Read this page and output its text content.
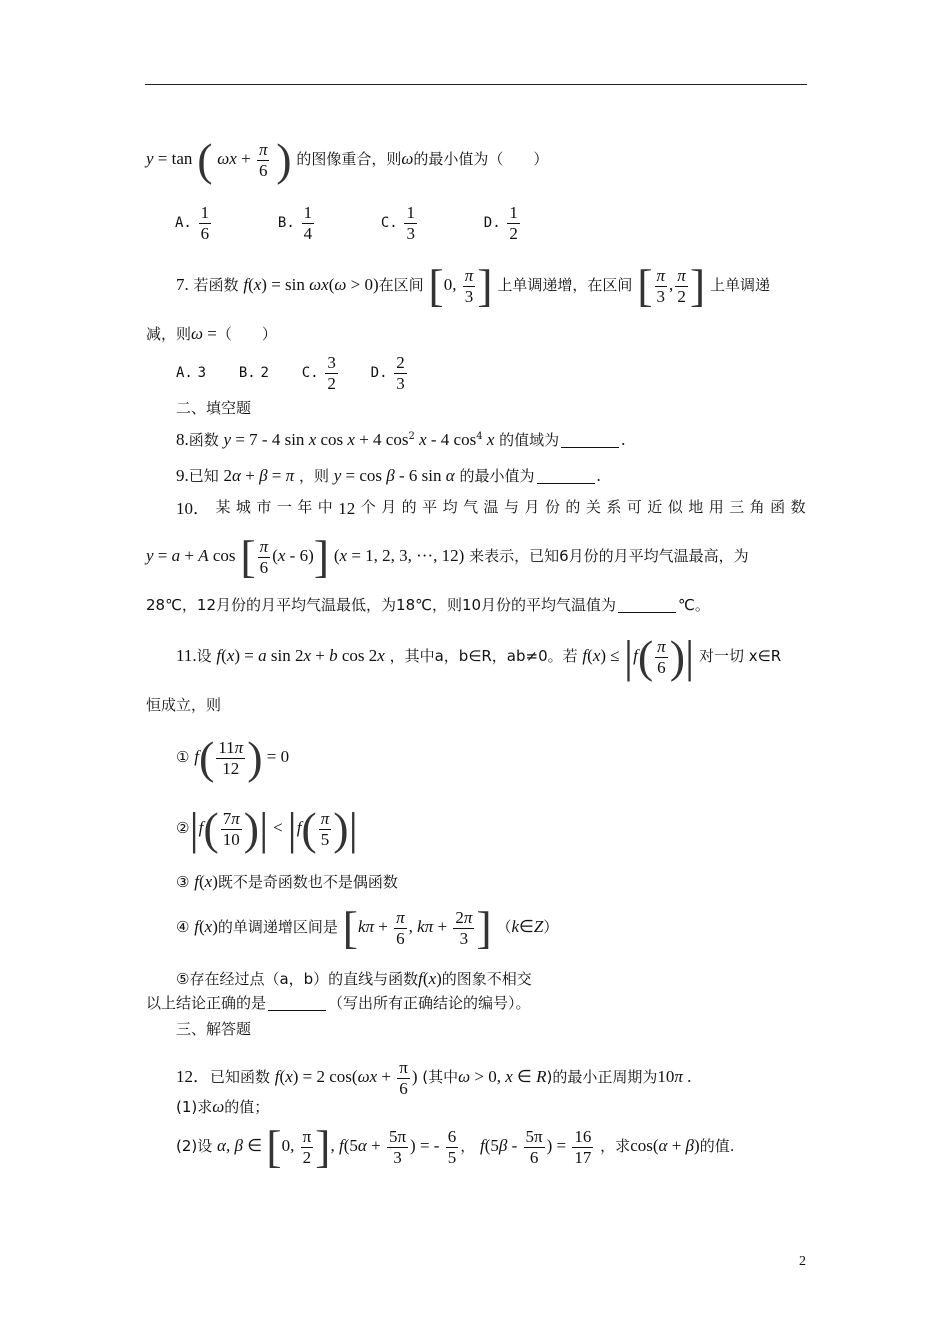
y = tan ( $\omega x + \frac{\pi}{6}$ ) 的图像重合，则ω的最小值为（　　）
A. $\frac{1}{6}$	B. $\frac{1}{4}$	C. $\frac{1}{3}$	D. $\frac{1}{2}$
7. 若函数 f(x) = sin ωx(ω > 0)在区间 [0, $\frac{\pi}{3}$ ] 上单调递增，在区间 [ $\frac{\pi}{3}$ , $\frac{\pi}{2}$ ] 上单调递
减，则ω =（　　）
A. 3 B. 2 C. $\frac{3}{2} D$. $\frac{2}{3}$
二、填空题
8.函数 y = 7 - 4 sin x cos x + 4 $\cos^2 x - 4$ $\cos^4 x$ 的值域为	.
9.已知 2α + β = π ，则 y = cos β - 6 sin α 的最小值为	.
10． 某 城 市 一 年 中 12 个 月 的 平 均 气 温 与 月 份 的 关 系 可 近 似 地 用 三 角 函 数
y = a + A cos [ $\frac{\pi}{6} (x - 6)$] (x = 1, 2, 3, ···, 12) 来表示，已知6月份的月平均气温最高，为
28℃，12月份的月平均气温最低，为18℃，则10月份的平均气温值为	℃。
11.设 f(x) = a sin 2x + b cos 2x ，其中a，b∈R，ab≠0。若 $f(x) \le |f( \frac{\pi}{6}$ )| 对一切 x∈R
恒成立，则
① $f( \frac{11\pi}{12}$ ) = 0
②|f( $\frac{7\pi}{10}$ )| < $|f( \frac{\pi}{5}$ )|
③ f(x)既不是奇函数也不是偶函数
④ f(x)的单调递增区间是 [$k\pi + \frac{\pi}{6}$ , $k\pi + \frac{2\pi}{3}$ ] （k∈Z）
⑤存在经过点（a，b）的直线与函数f(x)的图象不相交
以上结论正确的是	（写出所有正确结论的编号）。
三、解答题
12．已知函数 f(x) = 2 $\cos(\omega x + \frac{\pi}{6}$ ) (其中ω > 0, x ∈ R)的最小正周期为10π .
(1)求ω的值；
(2)设 α, β ∈ [0, $\frac{\pi}{2}$ ], $f(5\alpha + \frac{5\pi}{3}$ ) = - $\frac{6}{5}$ ， $f(5\beta - \frac{5\pi}{6}$ ) = $\frac{16}{17}$ ，求cos(α + β)的值.
2
